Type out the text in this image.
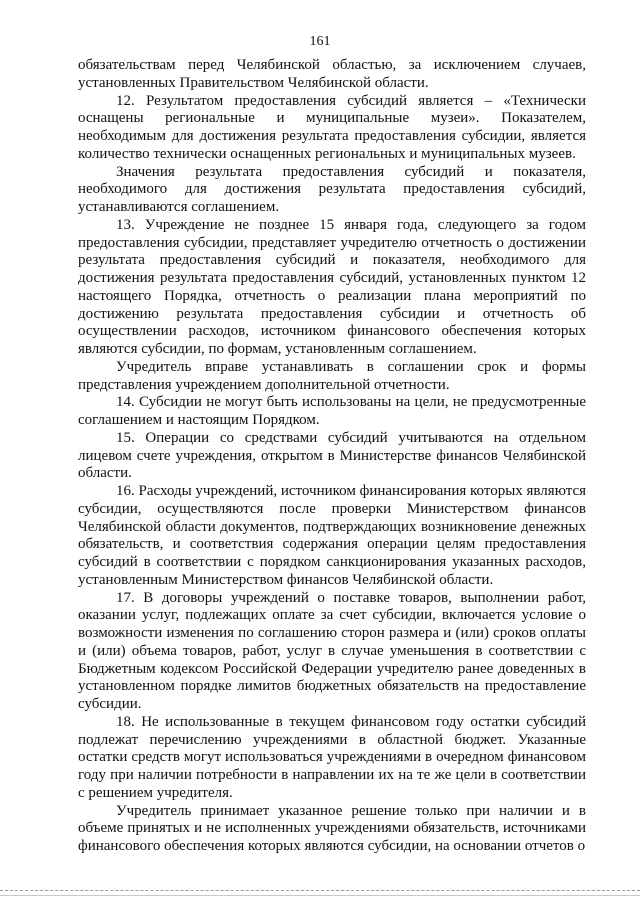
161

обязательствам перед Челябинской областью, за исключением случаев, установленных Правительством Челябинской области.

12. Результатом предоставления субсидий является – «Технически оснащены региональные и муниципальные музеи». Показателем, необходимым для достижения результата предоставления субсидии, является количество технически оснащенных региональных и муниципальных музеев.

Значения результата предоставления субсидий и показателя, необходимого для достижения результата предоставления субсидий, устанавливаются соглашением.

13. Учреждение не позднее 15 января года, следующего за годом предоставления субсидии, представляет учредителю отчетность о достижении результата предоставления субсидий и показателя, необходимого для достижения результата предоставления субсидий, установленных пунктом 12 настоящего Порядка, отчетность о реализации плана мероприятий по достижению результата предоставления субсидии и отчетность об осуществлении расходов, источником финансового обеспечения которых являются субсидии, по формам, установленным соглашением.

Учредитель вправе устанавливать в соглашении срок и формы представления учреждением дополнительной отчетности.

14. Субсидии не могут быть использованы на цели, не предусмотренные соглашением и настоящим Порядком.

15. Операции со средствами субсидий учитываются на отдельном лицевом счете учреждения, открытом в Министерстве финансов Челябинской области.

16. Расходы учреждений, источником финансирования которых являются субсидии, осуществляются после проверки Министерством финансов Челябинской области документов, подтверждающих возникновение денежных обязательств, и соответствия содержания операции целям предоставления субсидий в соответствии с порядком санкционирования указанных расходов, установленным Министерством финансов Челябинской области.

17. В договоры учреждений о поставке товаров, выполнении работ, оказании услуг, подлежащих оплате за счет субсидии, включается условие о возможности изменения по соглашению сторон размера и (или) сроков оплаты и (или) объема товаров, работ, услуг в случае уменьшения в соответствии с Бюджетным кодексом Российской Федерации учредителю ранее доведенных в установленном порядке лимитов бюджетных обязательств на предоставление субсидии.

18. Не использованные в текущем финансовом году остатки субсидий подлежат перечислению учреждениями в областной бюджет. Указанные остатки средств могут использоваться учреждениями в очередном финансовом году при наличии потребности в направлении их на те же цели в соответствии с решением учредителя.

Учредитель принимает указанное решение только при наличии и в объеме принятых и не исполненных учреждениями обязательств, источниками финансового обеспечения которых являются субсидии, на основании отчетов о
